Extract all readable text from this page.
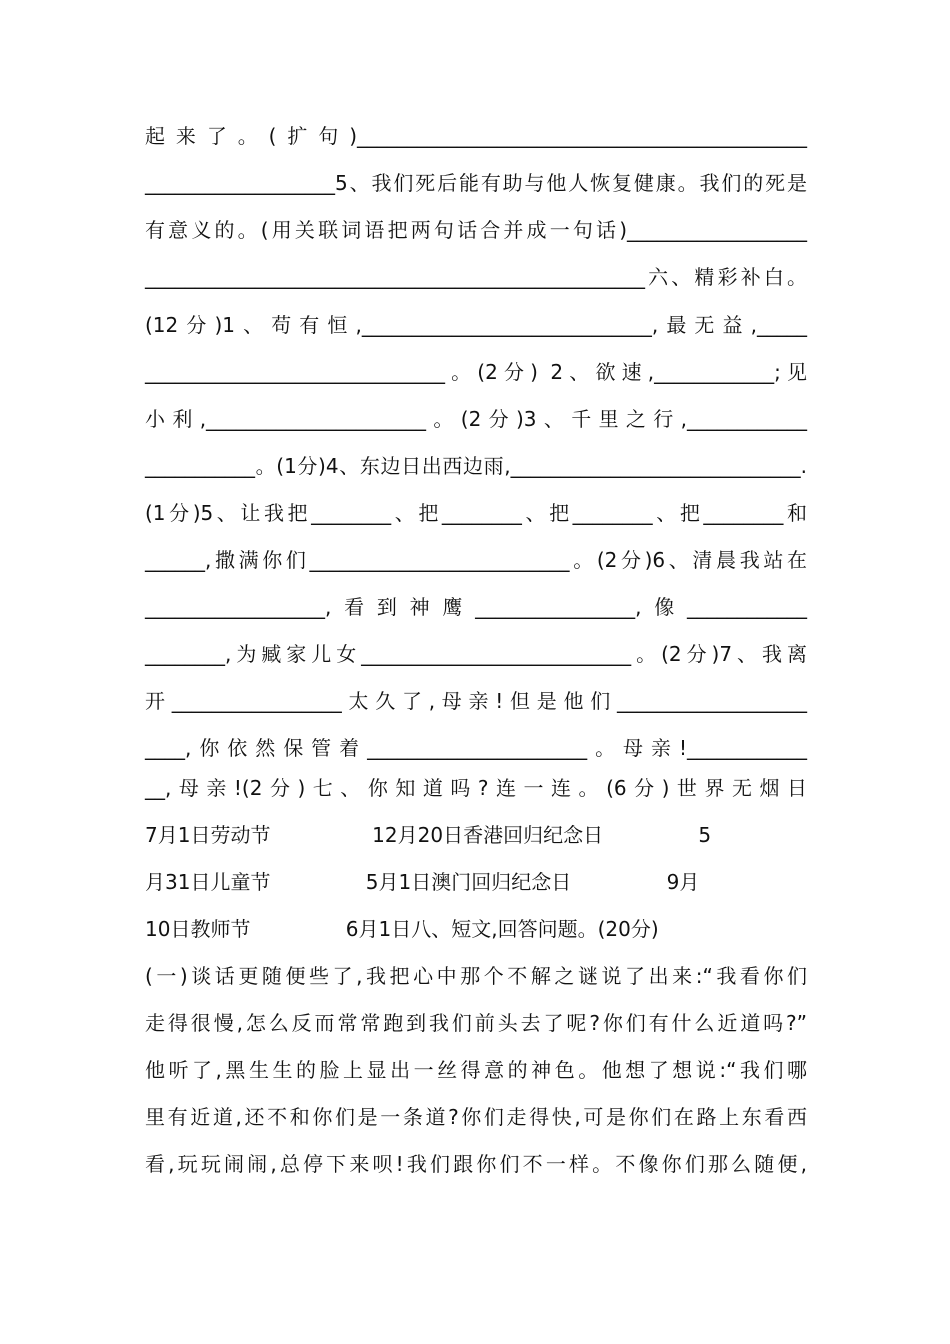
起来了。(扩句)_____________________________________________
___________________5、我们死后能有助与他人恢复健康。我们的死是
有意义的。(用关联词语把两句话合并成一句话)__________________
__________________________________________________六、精彩补白。
(12分)1、苟有恒,_____________________________,最无益,_____
______________________________。(2分) 2、欲速,____________;见
小利,______________________。(2分)3、千里之行,____________
___________。(1分)4、东边日出西边雨,_____________________________.
(1分)5、让我把________、把________、把________、把________和
______,撒满你们__________________________。(2分)6、清晨我站在
__________________,看到神鹰________________,像____________
________,为臧家儿女___________________________。(2分)7、我离
开_________________太久了,母亲!但是他们___________________
____,你依然保管着______________________。母亲!____________
__,母亲!(2分)七、你知道吗?连一连。(6分)世界无烟日
7月1日劳动节                12月20日香港回归纪念日               5
月31日儿童节               5月1日澳门回归纪念日               9月
10日教师节               6月1日八、短文,回答问题。(20分)
(一)谈话更随便些了,我把心中那个不解之谜说了出来:“我看你们
走得很慢,怎么反而常常跑到我们前头去了呢?你们有什么近道吗?”
他听了,黑生生的脸上显出一丝得意的神色。他想了想说:“我们哪
里有近道,还不和你们是一条道?你们走得快,可是你们在路上东看西
看,玩玩闹闹,总停下来呗!我们跟你们不一样。不像你们那么随便,
